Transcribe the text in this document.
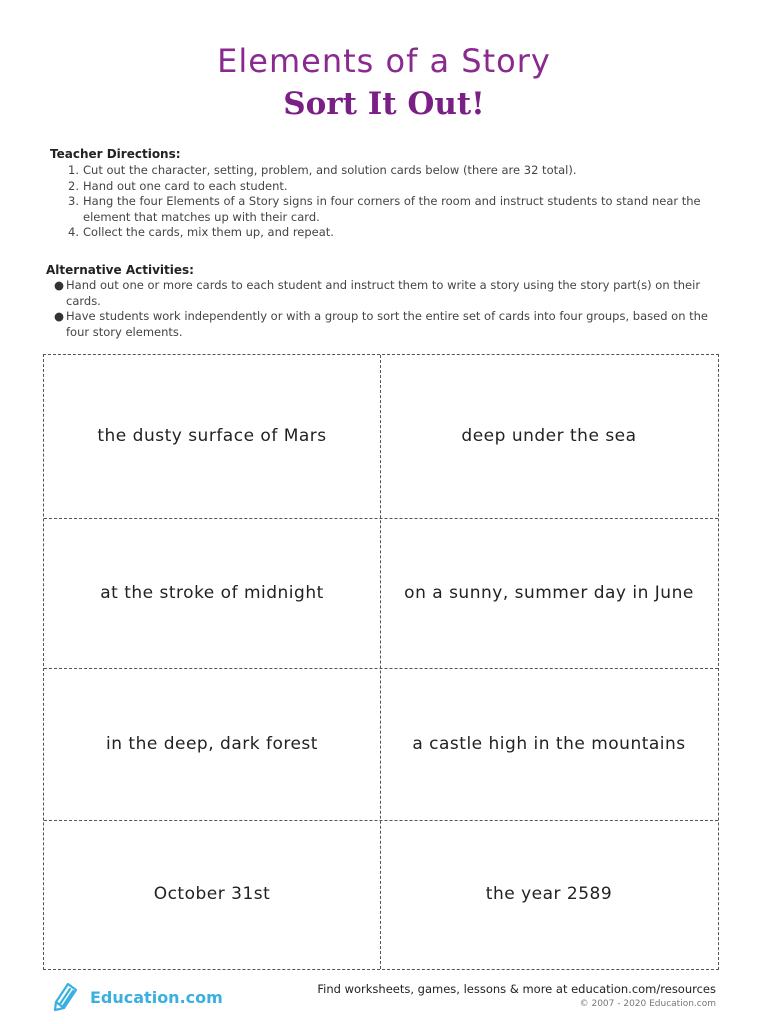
Elements of a Story
Sort It Out!
Teacher Directions:
1. Cut out the character, setting, problem, and solution cards below (there are 32 total).
2. Hand out one card to each student.
3. Hang the four Elements of a Story signs in four corners of the room and instruct students to stand near the element that matches up with their card.
4. Collect the cards, mix them up, and repeat.
Alternative Activities:
● Hand out one or more cards to each student and instruct them to write a story using the story part(s) on their cards.
● Have students work independently or with a group to sort the entire set of cards into four groups, based on the four story elements.
the dusty surface of Mars	deep under the sea
at the stroke of midnight	on a sunny, summer day in June
in the deep, dark forest	a castle high in the mountains
October 31st	the year 2589
Education.com	Find worksheets, games, lessons & more at education.com/resources
© 2007 - 2020 Education.com
